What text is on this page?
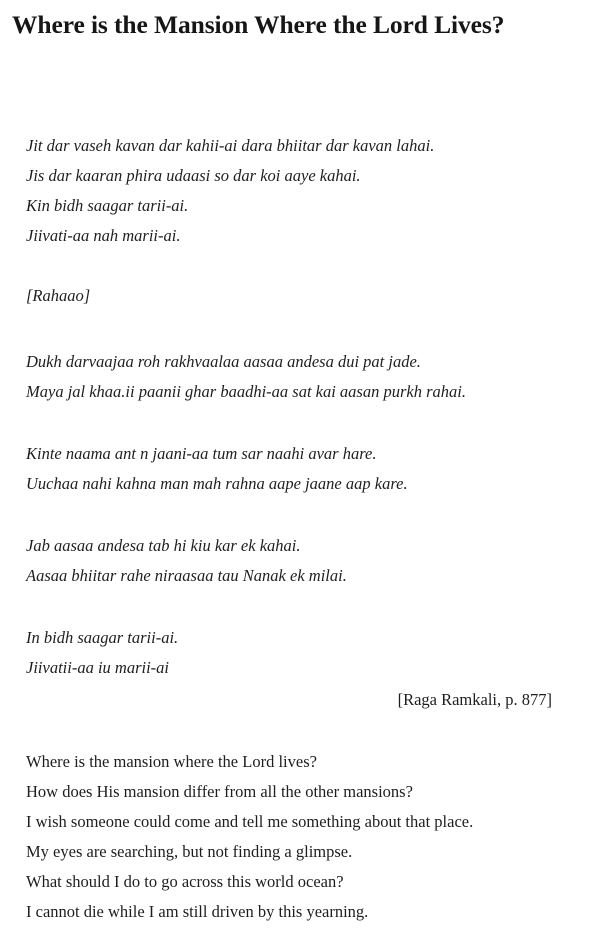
Where is the Mansion Where the Lord Lives?
Jit dar vaseh kavan dar kahii-ai dara bhiitar dar kavan lahai.
Jis dar kaaran phira udaasi so dar koi aaye kahai.
Kin bidh saagar tarii-ai.
Jiivati-aa nah marii-ai.
[Rahaao]
Dukh darvaajaa roh rakhvaalaa aasaa andesa dui pat jade.
Maya jal khaa.ii paanii ghar baadhi-aa sat kai aasan purkh rahai.
Kinte naama ant n jaani-aa tum sar naahi avar hare.
Uuchaa nahi kahna man mah rahna aape jaane aap kare.
Jab aasaa andesa tab hi kiu kar ek kahai.
Aasaa bhiitar rahe niraasaa tau Nanak ek milai.
In bidh saagar tarii-ai.
Jiivatii-aa iu marii-ai
[Raga Ramkali, p. 877]
Where is the mansion where the Lord lives?
How does His mansion differ from all the other mansions?
I wish someone could come and tell me something about that place.
My eyes are searching, but not finding a glimpse.
What should I do to go across this world ocean?
I cannot die while I am still driven by this yearning.
